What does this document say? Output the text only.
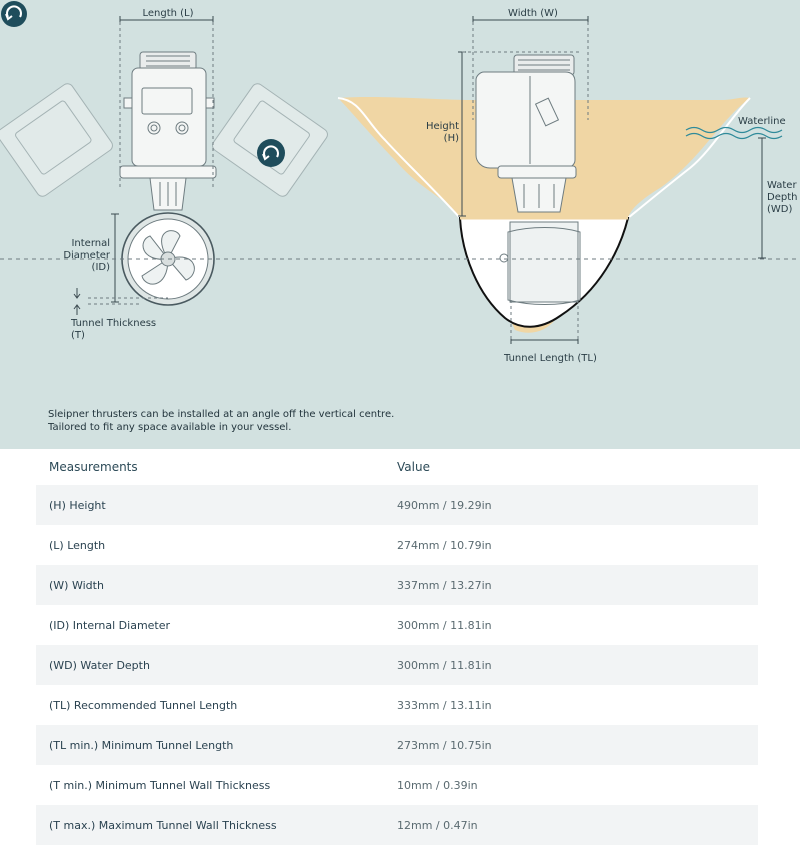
Length (L)	Width (W)
Height
(H)
Waterline
Water
Depth
(WD)
Internal
Diameter
(ID)
Tunnel Thickness
(T)
Tunnel Length (TL)
Sleipner thrusters can be installed at an angle off the vertical centre.
Tailored to fit any space available in your vessel.
Measurements	Value
(H) Height	490mm / 19.29in
(L) Length	274mm / 10.79in
(W) Width	337mm / 13.27in
(ID) Internal Diameter	300mm / 11.81in
(WD) Water Depth	300mm / 11.81in
(TL) Recommended Tunnel Length	333mm / 13.11in
(TL min.) Minimum Tunnel Length	273mm / 10.75in
(T min.) Minimum Tunnel Wall Thickness	10mm / 0.39in
(T max.) Maximum Tunnel Wall Thickness	12mm / 0.47in
